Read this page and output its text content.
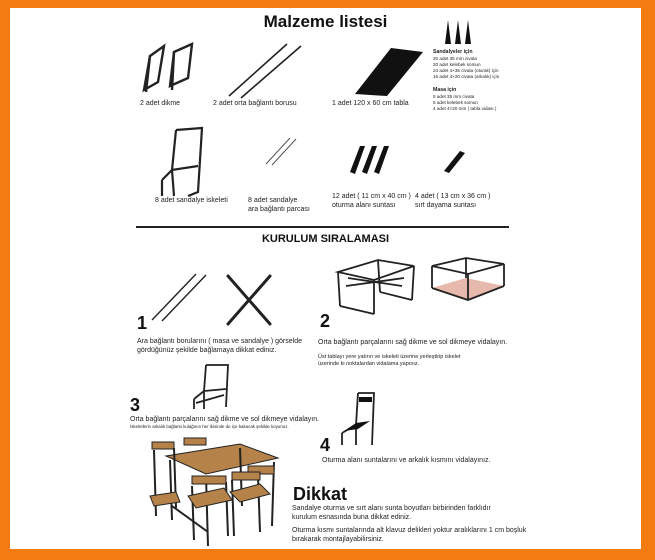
Malzeme listesi
2 adet dikme	2 adet orta bağlantı borusu	1 adet 120 x 60 cm tabla
Sandalyeler için
20 adet 35 mm civata
20 adet kelebek somun
24 adet 4×35 civata (oturak) için
16 adet 4×20 civata (arkalık) için
Masa için
5 adet 35 mm civata
5 adet kelebek somun
4 adet 4×20 mm ( tabla vidası )
8 adet sandalye iskeleti	8 adet sandalye
ara bağlantı parcası
12 adet ( 11 cm x 40 cm )
oturma alanı suntası
4 adet ( 13 cm x 36 cm )
sırt dayama suntası
KURULUM SIRALAMASI
1
Ara bağlantı borularını ( masa ve sandalye ) görselde
gördüğünüz şekilde bağlamaya dikkat ediniz.
2
Orta bağlantı parçalarını sağ dikme ve sol dikmeye vidalayın.
Üst tablayı yere yatırın ve iskeleti üzerine yerleştirip iskelet
üzerinde ki noktalardan vidalama yapınız.
3
Orta bağlantı parçalarını sağ dikme ve sol dikmeye vidalayın.
İskeletlerin arkalık bağlantı kulağının her ikisinde de içe bakacak şekilde koyunuz.
4
Oturma alanı suntalarını ve arkalık kısmını vidalayınız.
Dikkat
Sandalye oturma ve sırt alanı sunta boyutları birbirinden farklıdır
kurulum esnasında buna dikkat ediniz.
Oturma kısmı suntalarında alt klavuz delikleri yoktur aralıklarını 1 cm boşluk
bırakarak montajlayabilirsiniz.
